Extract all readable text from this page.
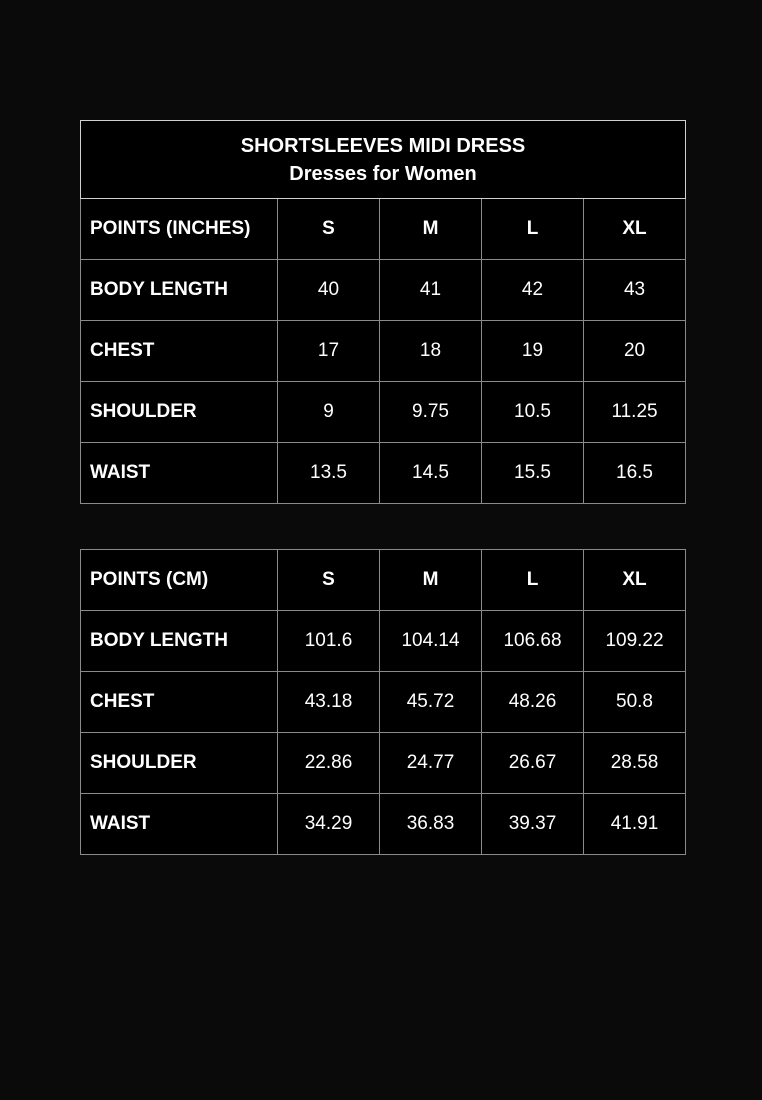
SHORTSLEEVES MIDI DRESS
Dresses for Women				

POINTS (INCHES)	S	M	L	XL
BODY LENGTH	40	41	42	43
CHEST	17	18	19	20
SHOULDER	9	9.75	10.5	11.25
WAIST	13.5	14.5	15.5	16.5
POINTS (CM)	S	M	L	XL
BODY LENGTH	101.6	104.14	106.68	109.22
CHEST	43.18	45.72	48.26	50.8
SHOULDER	22.86	24.77	26.67	28.58
WAIST	34.29	36.83	39.37	41.91
